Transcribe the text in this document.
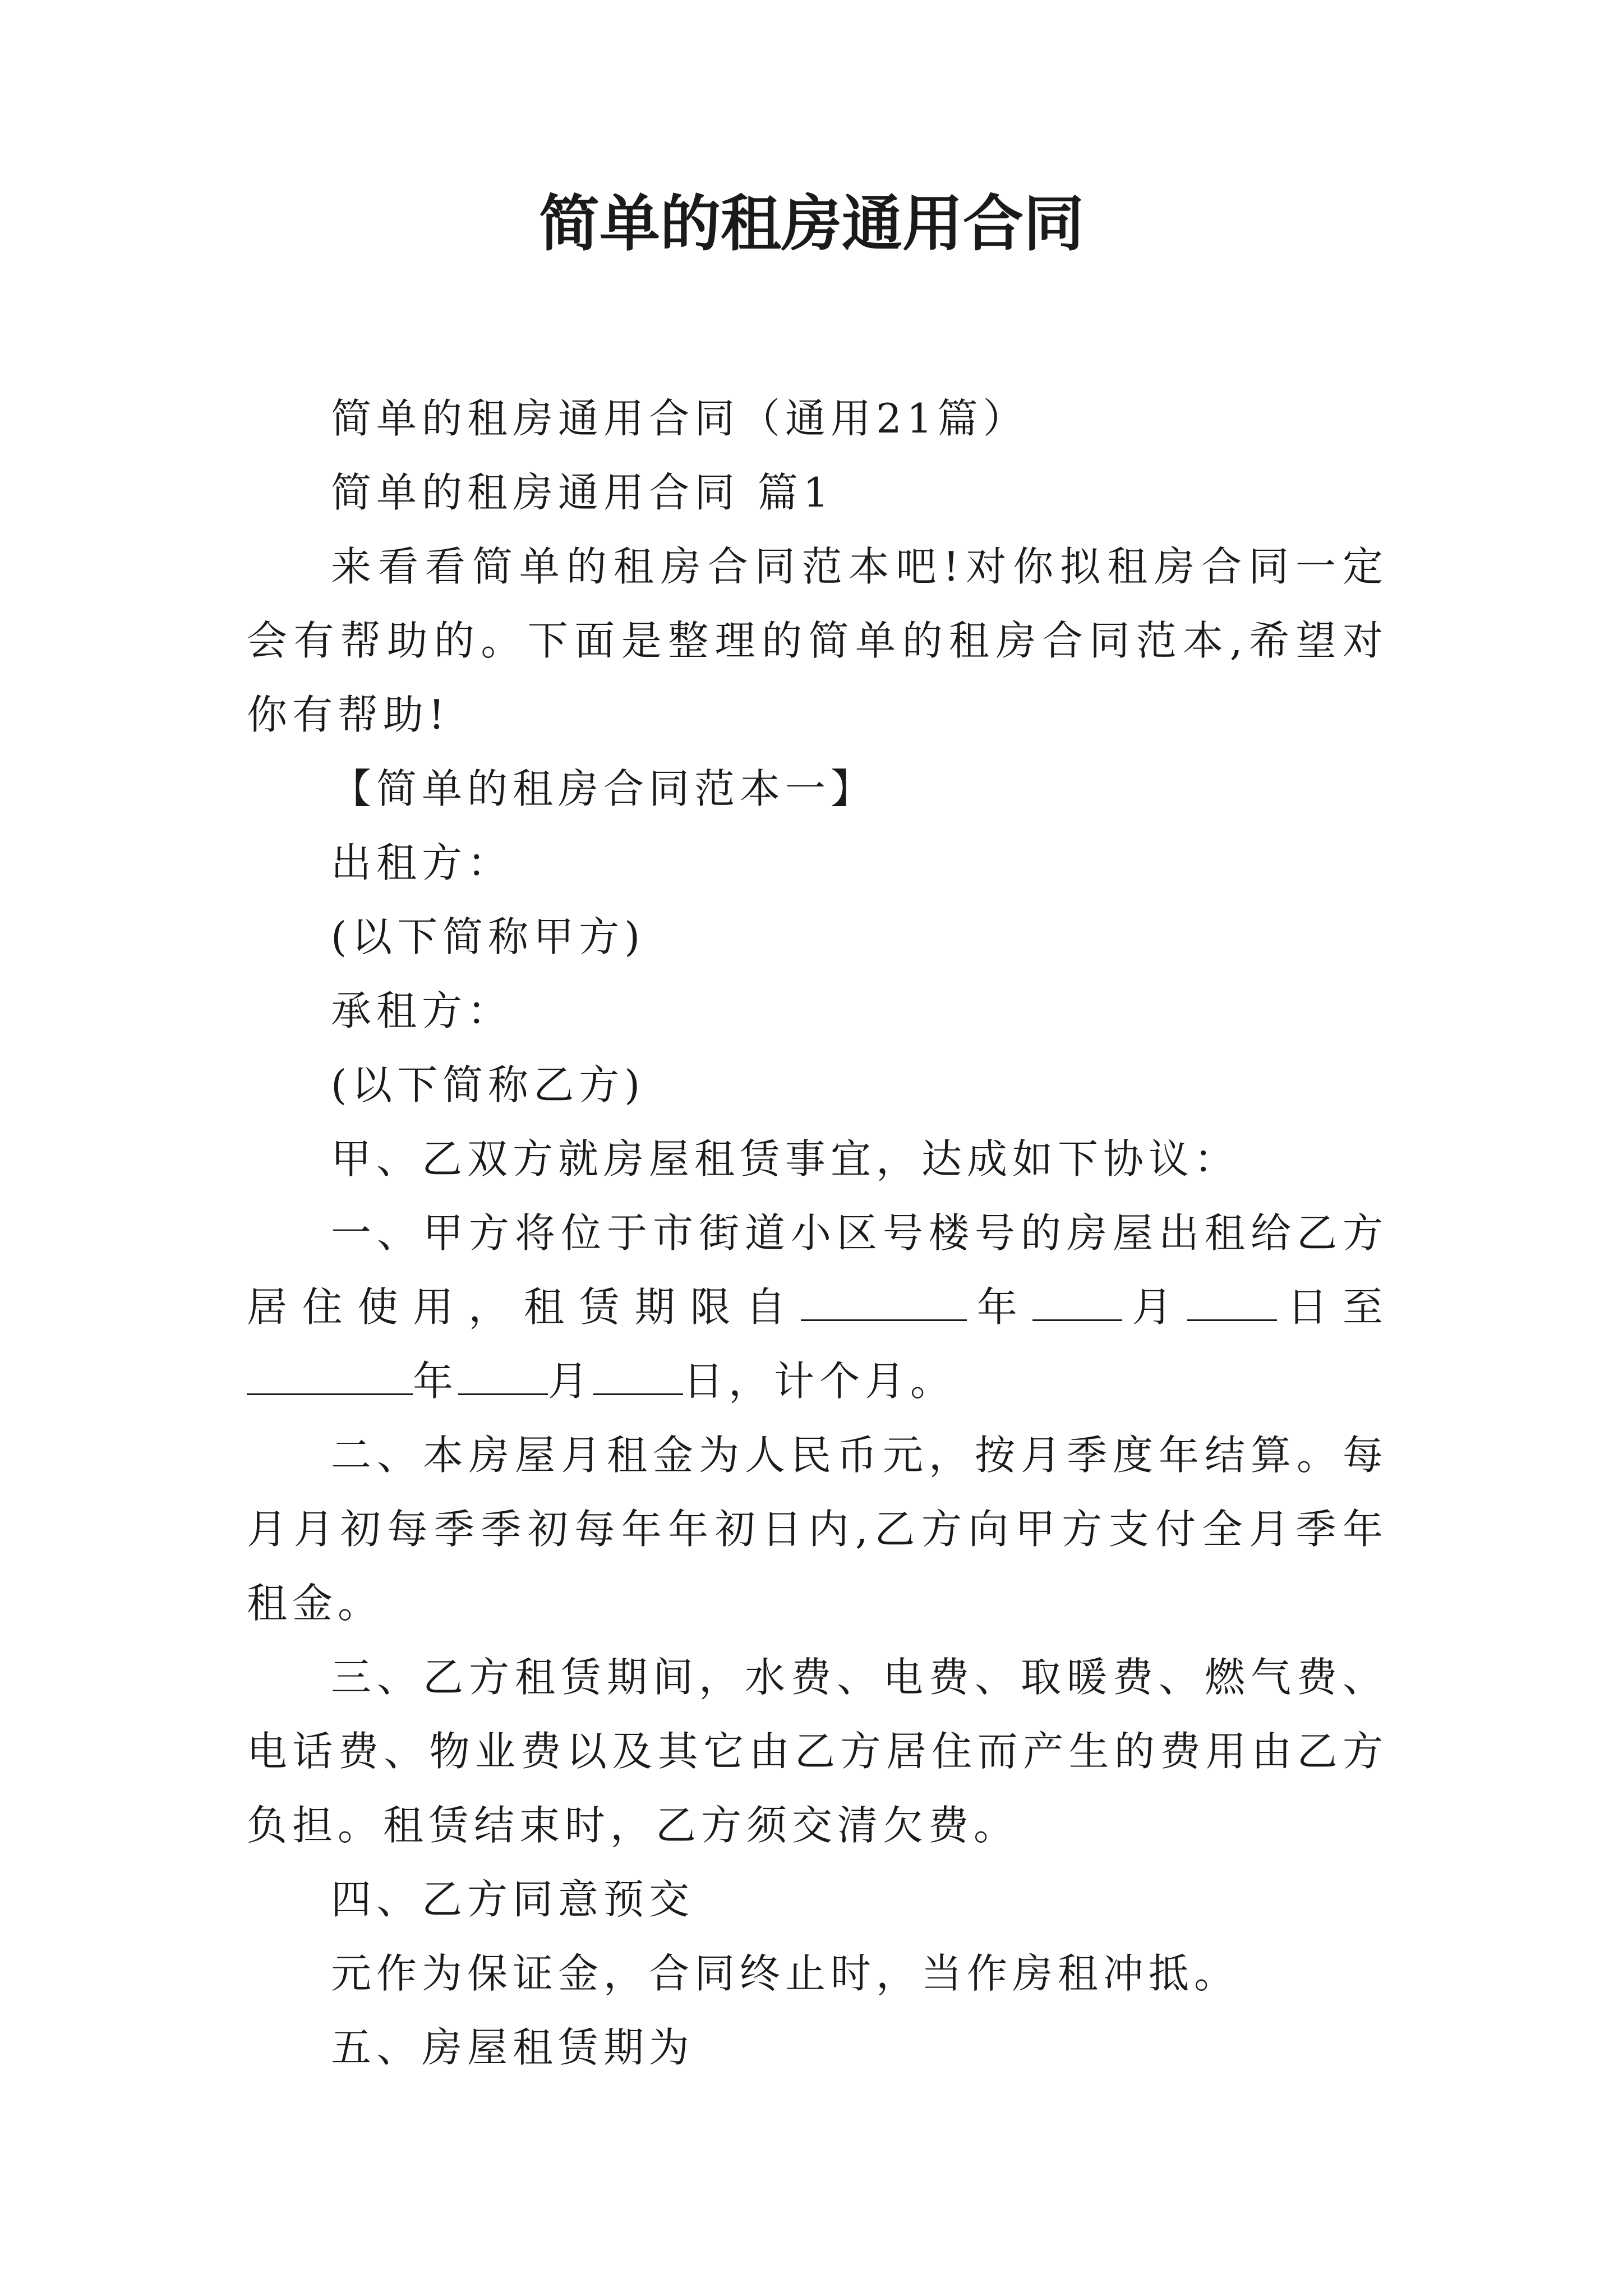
简单的租房通用合同

简单的租房通用合同（通用21篇）

简单的租房通用合同 篇1

来看看简单的租房合同范本吧!对你拟租房合同一定会有帮助的。下面是整理的简单的租房合同范本,希望对你有帮助!

【简单的租房合同范本一】

出租方：

(以下简称甲方)

承租方：

(以下简称乙方)

甲、乙双方就房屋租赁事宜，达成如下协议：

一、甲方将位于市街道小区号楼号的房屋出租给乙方居住使用，租赁期限自	年 月 日至年 月 日，计个月。

二、本房屋月租金为人民币元，按月季度年结算。每月月初每季季初每年年初日内,乙方向甲方支付全月季年租金。

三、乙方租赁期间，水费、电费、取暖费、燃气费、电话费、物业费以及其它由乙方居住而产生的费用由乙方负担。租赁结束时，乙方须交清欠费。

四、乙方同意预交

元作为保证金，合同终止时，当作房租冲抵。

五、房屋租赁期为
